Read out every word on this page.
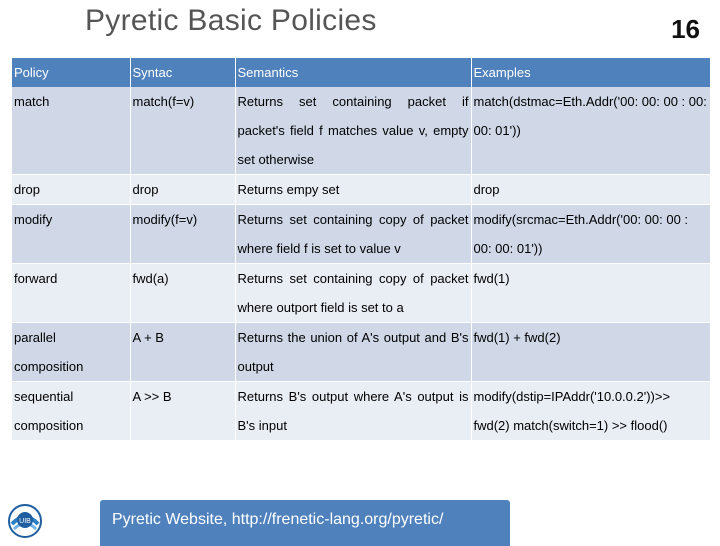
Pyretic Basic Policies	16
Policy	Syntac	Semantics	Examples
match	match(f=v)	Returns set containing packet if packet's field f matches value v, empty set otherwise	match(dstmac=Eth.Addr('00: 00: 00 : 00: 00: 01'))
drop	drop	Returns empy set	drop
modify	modify(f=v)	Returns set containing copy of packet where field f is set to value v	modify(srcmac=Eth.Addr('00: 00: 00 : 00: 00: 01'))
forward	fwd(a)	Returns set containing copy of packet where outport field is set to a	fwd(1)
parallel composition	A + B	Returns the union of A's output and B's output	fwd(1) + fwd(2)
sequential composition	A >> B	Returns B's output where A's output is B's input	modify(dstip=IPAddr('10.0.0.2'))>> fwd(2) match(switch=1) >> flood()
UIB	Pyretic Website, http://frenetic-lang.org/pyretic/
